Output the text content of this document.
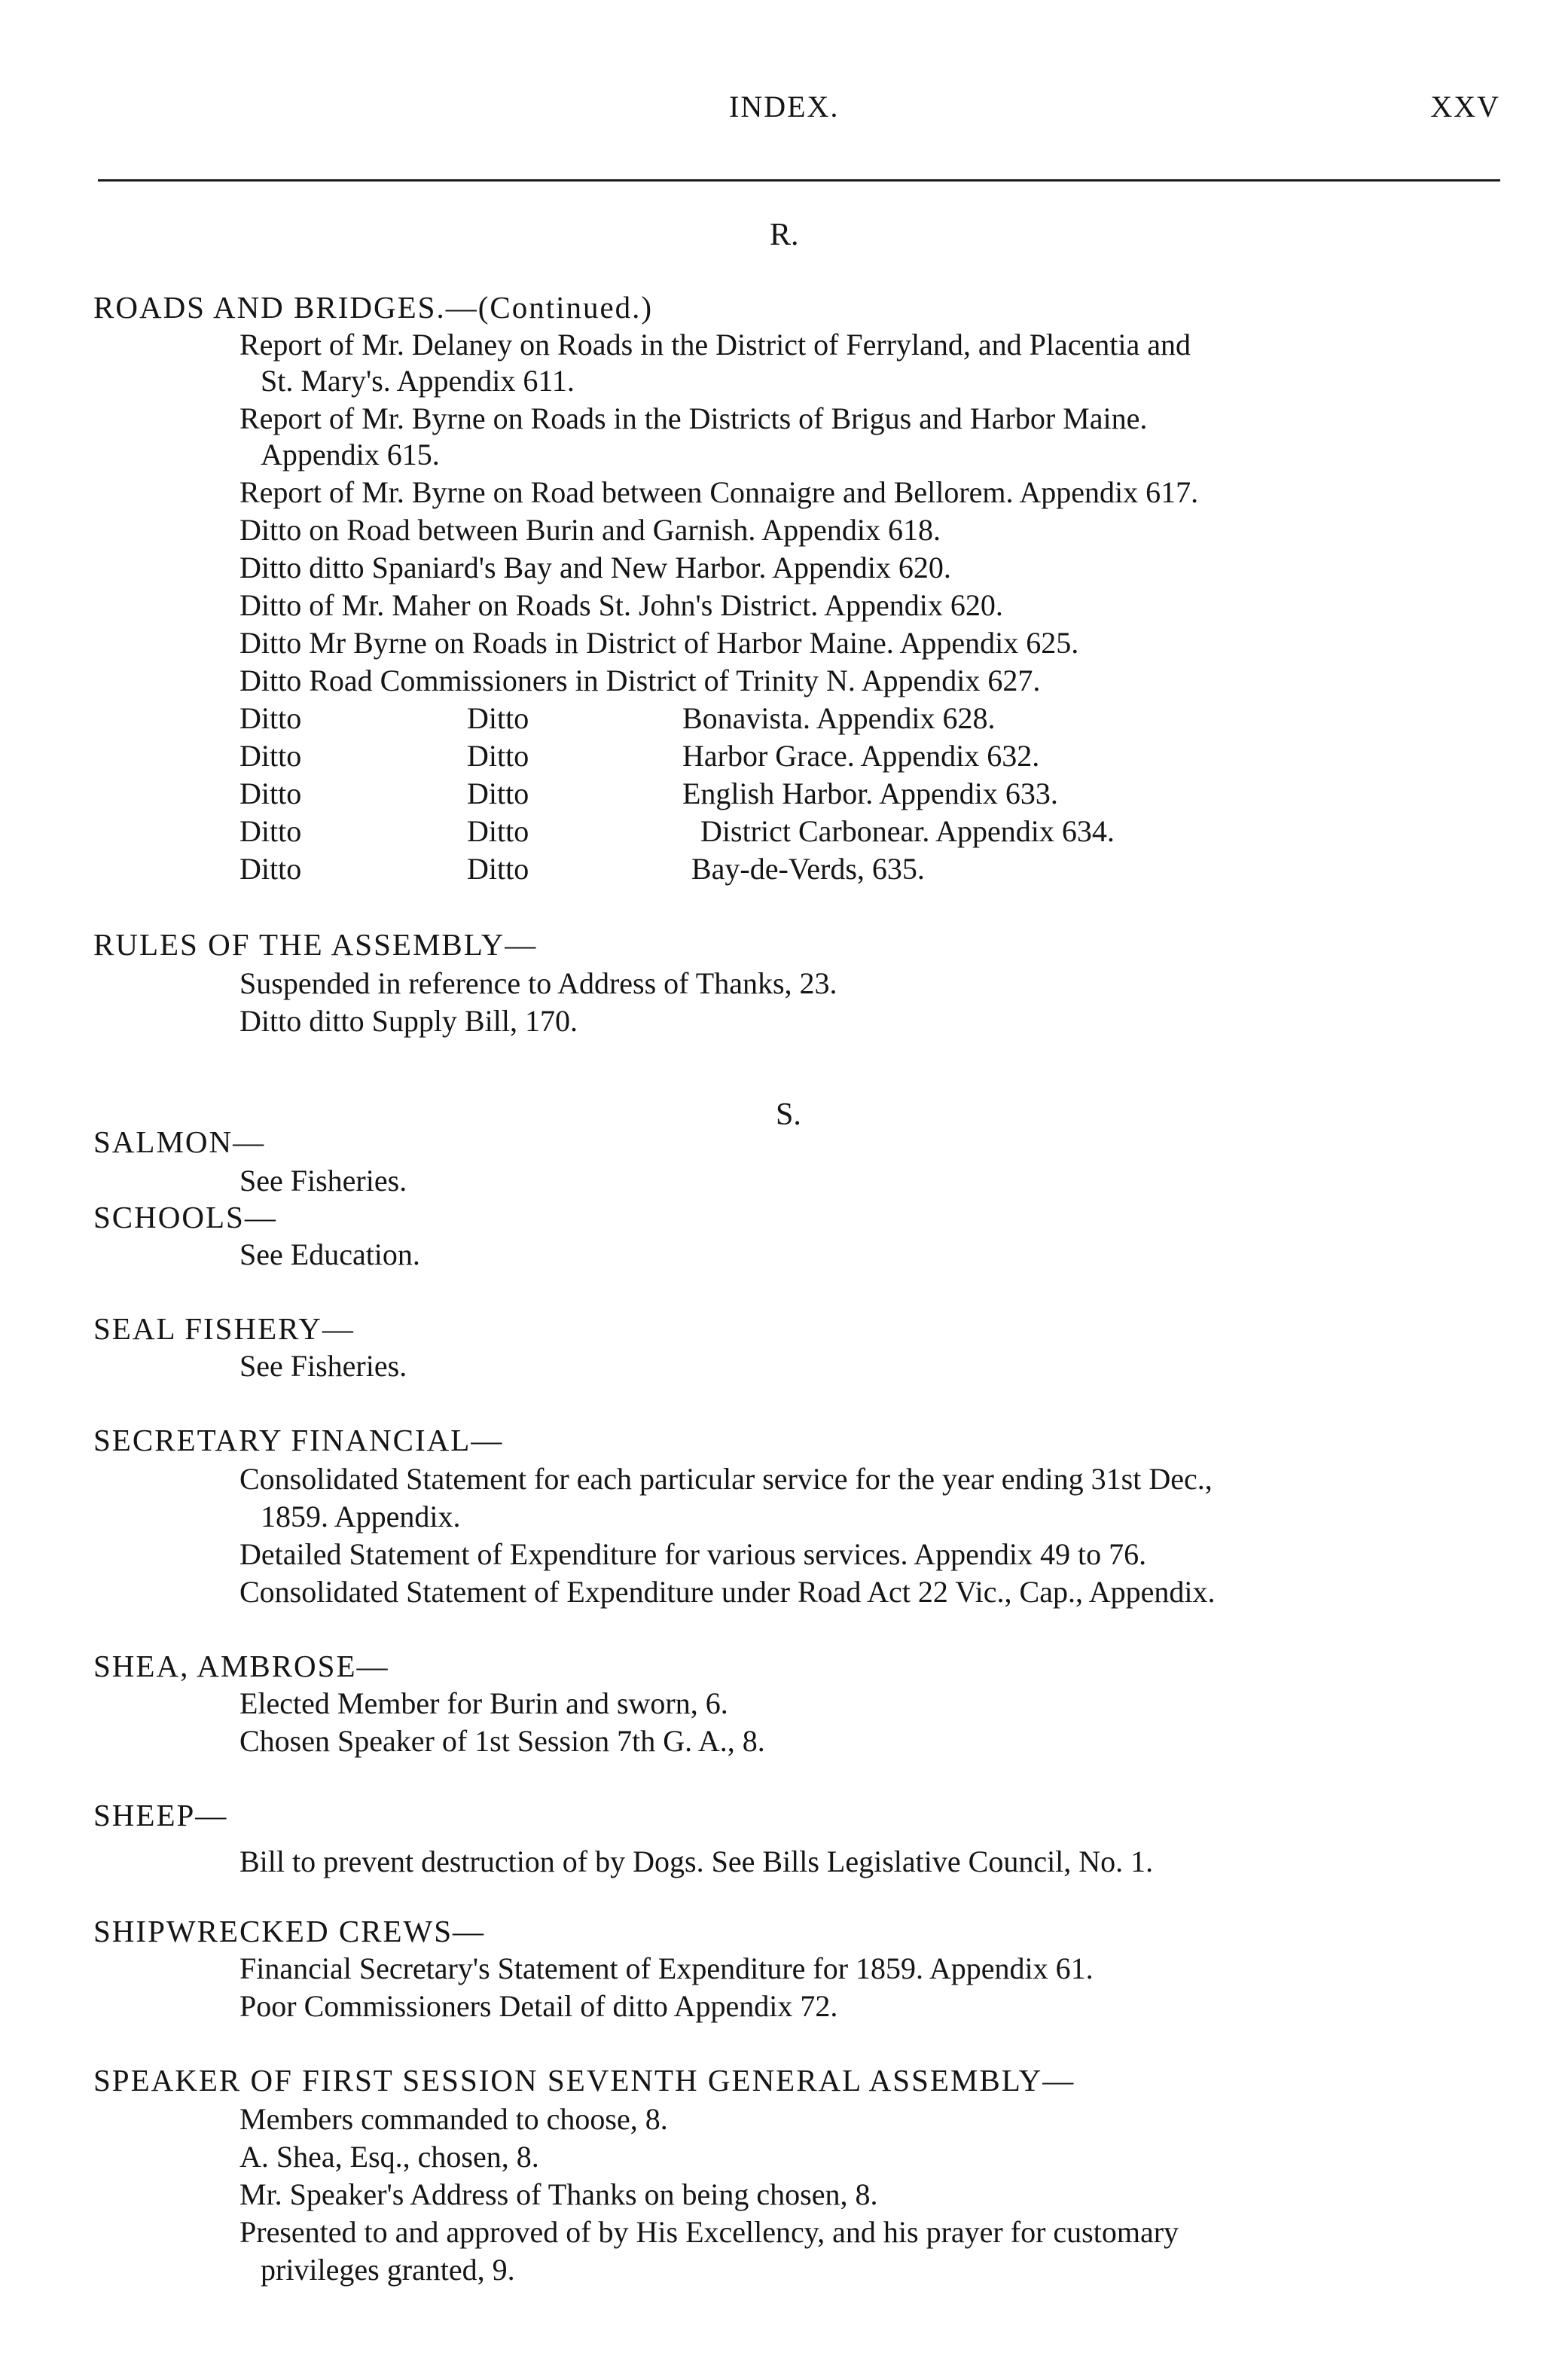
INDEX.	XXV
R.
ROADS AND BRIDGES.—(Continued.)
Report of Mr. Delaney on Roads in the District of Ferryland, and Placentia and
St. Mary's. Appendix 611.
Report of Mr. Byrne on Roads in the Districts of Brigus and Harbor Maine.
Appendix 615.
Report of Mr. Byrne on Road between Connaigre and Bellorem. Appendix 617.
Ditto on Road between Burin and Garnish. Appendix 618.
Ditto ditto Spaniard's Bay and New Harbor. Appendix 620.
Ditto of Mr. Maher on Roads St. John's District. Appendix 620.
Ditto Mr Byrne on Roads in District of Harbor Maine. Appendix 625.
Ditto Road Commissioners in District of Trinity N. Appendix 627.
Ditto	Ditto	Bonavista. Appendix 628.
Ditto	Ditto	Harbor Grace. Appendix 632.
Ditto	Ditto	English Harbor. Appendix 633.
Ditto	Ditto	District Carbonear. Appendix 634.
Ditto	Ditto	Bay-de-Verds, 635.
RULES OF THE ASSEMBLY—
Suspended in reference to Address of Thanks, 23.
Ditto ditto Supply Bill, 170.
S.
SALMON—
See Fisheries.
SCHOOLS—
See Education.
SEAL FISHERY—
See Fisheries.
SECRETARY FINANCIAL—
Consolidated Statement for each particular service for the year ending 31st Dec.,
1859. Appendix.
Detailed Statement of Expenditure for various services. Appendix 49 to 76.
Consolidated Statement of Expenditure under Road Act 22 Vic., Cap., Appendix.
SHEA, AMBROSE—
Elected Member for Burin and sworn, 6.
Chosen Speaker of 1st Session 7th G. A., 8.
SHEEP—
Bill to prevent destruction of by Dogs. See Bills Legislative Council, No. 1.
SHIPWRECKED CREWS—
Financial Secretary's Statement of Expenditure for 1859. Appendix 61.
Poor Commissioners Detail of ditto Appendix 72.
SPEAKER OF FIRST SESSION SEVENTH GENERAL ASSEMBLY—
Members commanded to choose, 8.
A. Shea, Esq., chosen, 8.
Mr. Speaker's Address of Thanks on being chosen, 8.
Presented to and approved of by His Excellency, and his prayer for customary
privileges granted, 9.
